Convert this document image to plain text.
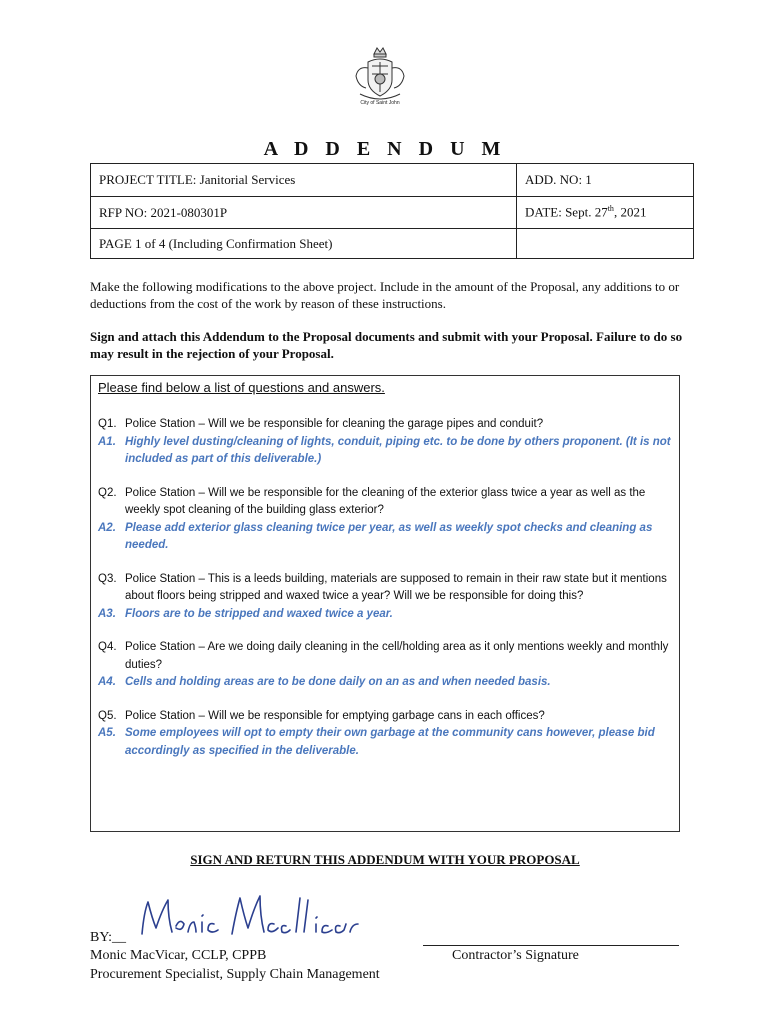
City of Saint John
A D D E N D U M
PROJECT TITLE: Janitorial Services	ADD. NO: 1
RFP NO: 2021-080301P	DATE: Sept. 27th, 2021
PAGE 1 of 4 (Including Confirmation Sheet)	
Make the following modifications to the above project. Include in the amount of the Proposal, any additions to or deductions from the cost of the work by reason of these instructions.
Sign and attach this Addendum to the Proposal documents and submit with your Proposal. Failure to do so may result in the rejection of your Proposal.
Please find below a list of questions and answers.
Q1. Police Station – Will we be responsible for cleaning the garage pipes and conduit?
A1. Highly level dusting/cleaning of lights, conduit, piping etc. to be done by others proponent. (It is not included as part of this deliverable.)
Q2. Police Station – Will we be responsible for the cleaning of the exterior glass twice a year as well as the weekly spot cleaning of the building glass exterior?
A2. Please add exterior glass cleaning twice per year, as well as weekly spot checks and cleaning as needed.
Q3. Police Station – This is a leeds building, materials are supposed to remain in their raw state but it mentions about floors being stripped and waxed twice a year? Will we be responsible for doing this?
A3. Floors are to be stripped and waxed twice a year.
Q4. Police Station – Are we doing daily cleaning in the cell/holding area as it only mentions weekly and monthly duties?
A4. Cells and holding areas are to be done daily on an as and when needed basis.
Q5. Police Station – Will we be responsible for emptying garbage cans in each offices?
A5. Some employees will opt to empty their own garbage at the community cans however, please bid accordingly as specified in the deliverable.
SIGN AND RETURN THIS ADDENDUM WITH YOUR PROPOSAL
BY:__
Monic MacVicar, CCLP, CPPB
Procurement Specialist, Supply Chain Management
Contractor’s Signature
